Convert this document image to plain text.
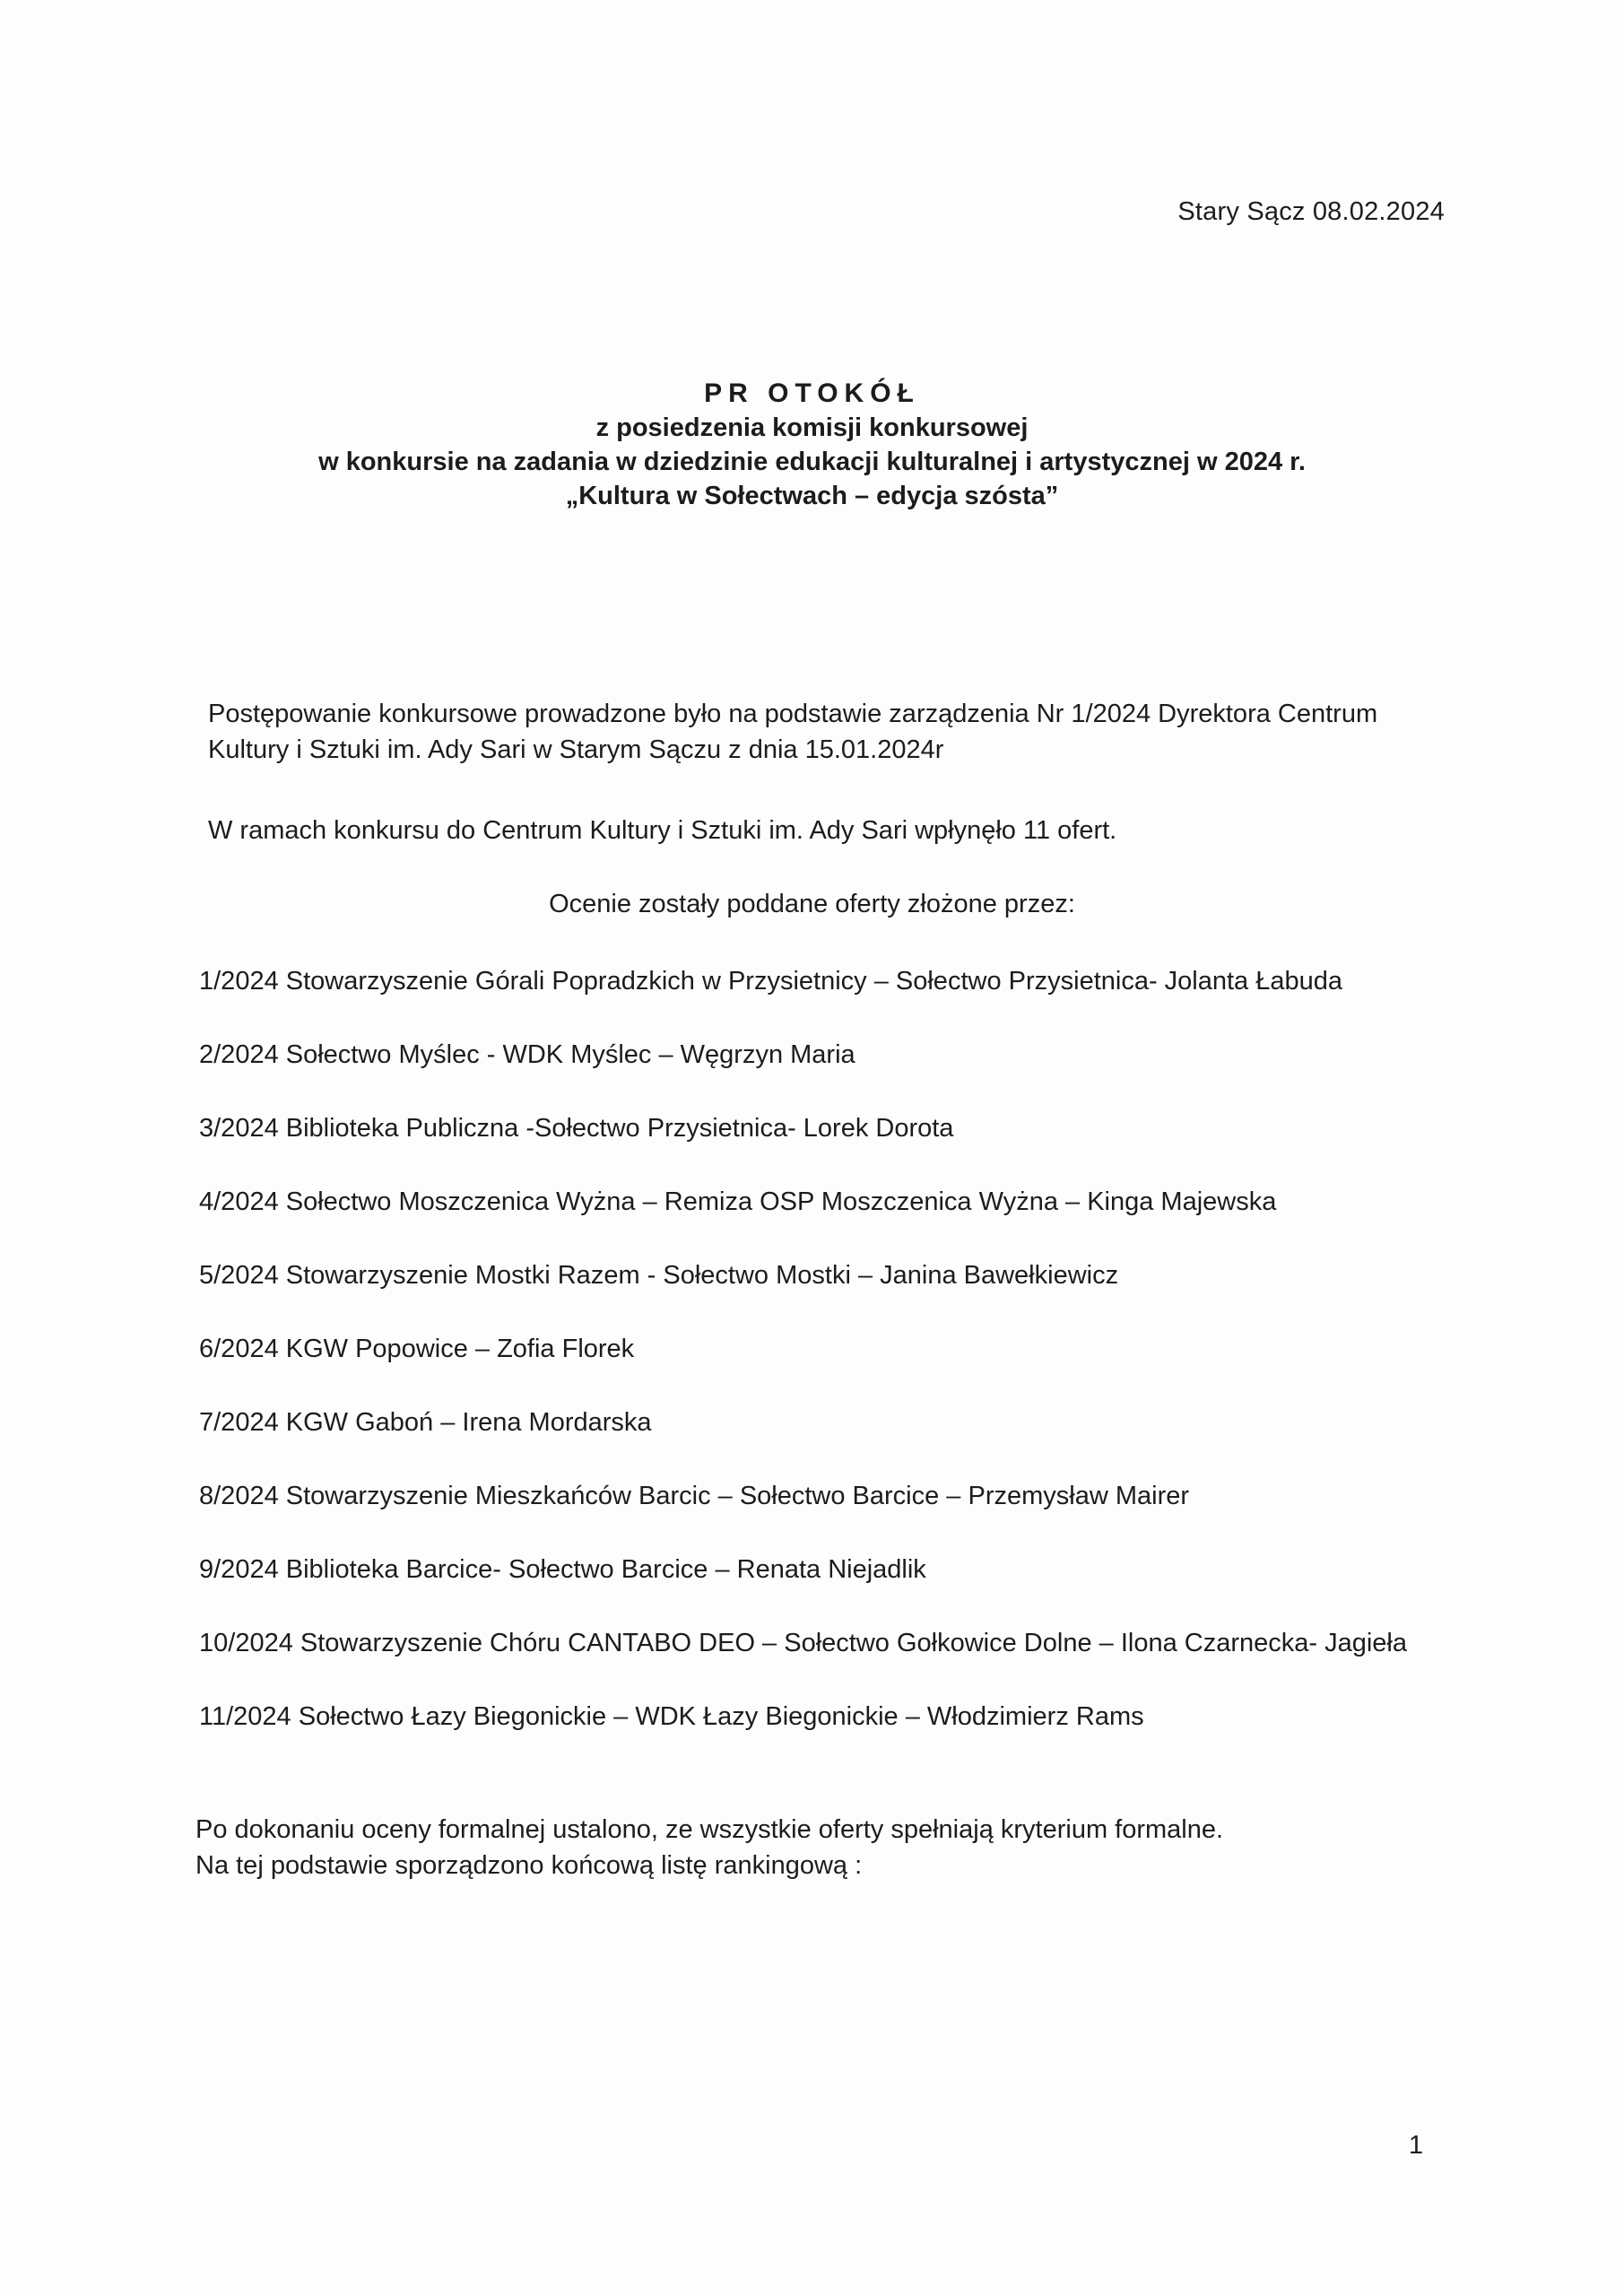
Stary Sącz 08.02.2024
PR OTOKÓŁ
z posiedzenia komisji konkursowej
w konkursie na zadania w dziedzinie edukacji kulturalnej i artystycznej w 2024 r.
„Kultura w Sołectwach – edycja szósta”
Postępowanie konkursowe prowadzone było na podstawie zarządzenia Nr 1/2024 Dyrektora Centrum
Kultury i Sztuki im. Ady Sari w Starym Sączu z dnia 15.01.2024r
W ramach konkursu do Centrum Kultury i Sztuki im. Ady Sari wpłynęło 11 ofert.
Ocenie zostały poddane oferty złożone przez:
1/2024 Stowarzyszenie Górali Popradzkich w Przysietnicy – Sołectwo Przysietnica- Jolanta Łabuda
2/2024 Sołectwo Myślec - WDK Myślec – Węgrzyn Maria
3/2024 Biblioteka Publiczna -Sołectwo Przysietnica- Lorek Dorota
4/2024 Sołectwo Moszczenica Wyżna – Remiza OSP Moszczenica Wyżna – Kinga Majewska
5/2024 Stowarzyszenie Mostki Razem - Sołectwo Mostki – Janina Bawełkiewicz
6/2024 KGW Popowice – Zofia Florek
7/2024 KGW Gaboń – Irena Mordarska
8/2024 Stowarzyszenie Mieszkańców Barcic – Sołectwo Barcice – Przemysław Mairer
9/2024 Biblioteka Barcice- Sołectwo Barcice – Renata Niejadlik
10/2024 Stowarzyszenie Chóru CANTABO DEO – Sołectwo Gołkowice Dolne – Ilona Czarnecka- Jagieła
11/2024 Sołectwo Łazy Biegonickie – WDK Łazy Biegonickie – Włodzimierz Rams
Po dokonaniu oceny formalnej ustalono, ze wszystkie oferty spełniają kryterium formalne.
Na tej podstawie sporządzono końcową listę rankingową :
1
